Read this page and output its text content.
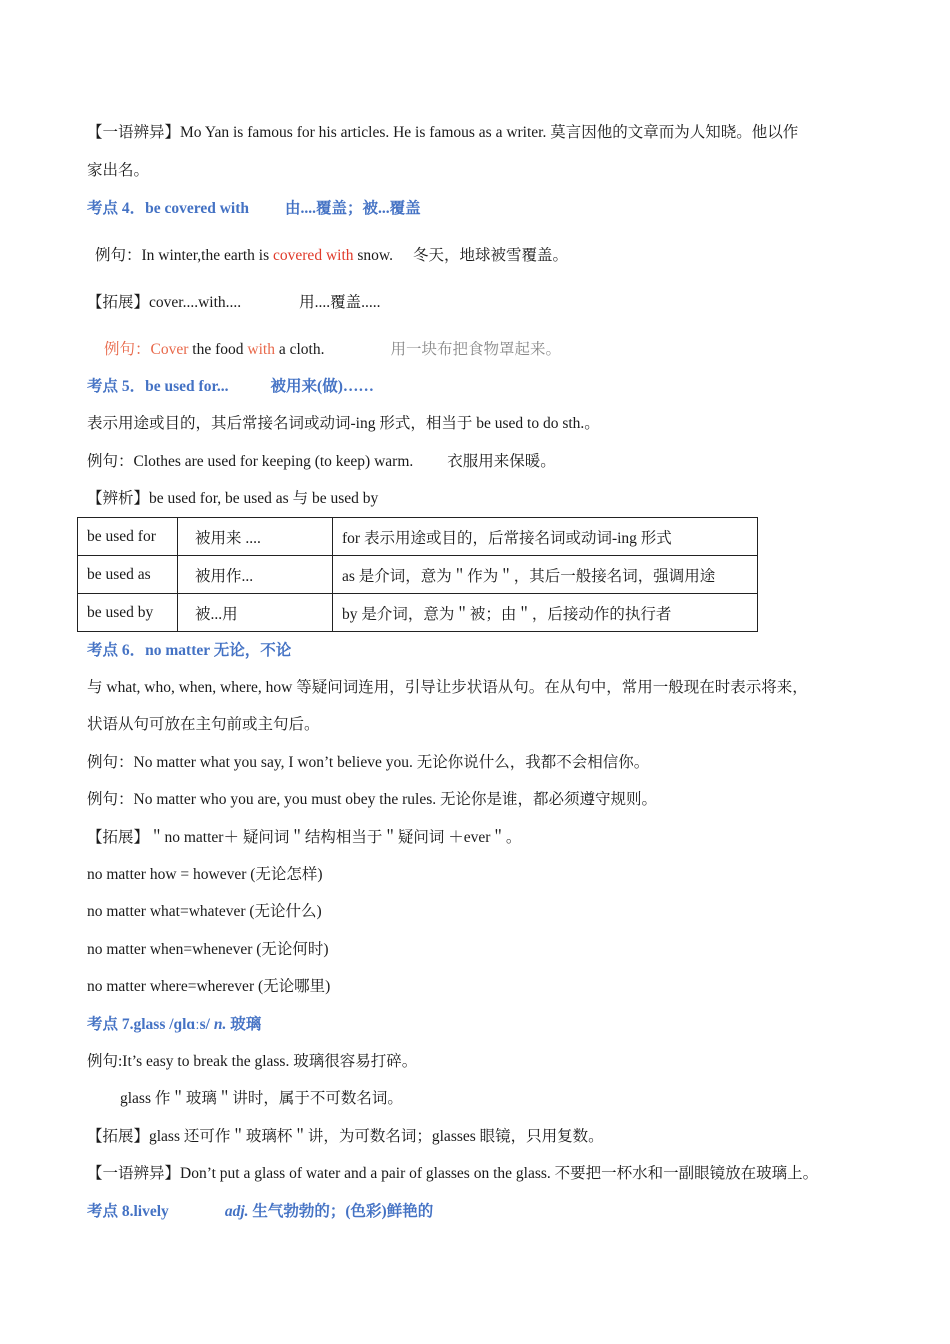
【一语辨异】Mo Yan is famous for his articles. He is famous as a writer. 莫言因他的文章而为人知晓。他以作
家出名。
考点 4．be covered with 由....覆盖；被...覆盖
例句：In winter,the earth is covered with snow. 冬天，地球被雪覆盖。
【拓展】cover....with....	用....覆盖.....
例句：Cover the food with a cloth.	用一块布把食物罩起来。
考点 5．be used for...	被用来(做)……
表示用途或目的，其后常接名词或动词-ing 形式，相当于 be used to do sth.。
例句：Clothes are used for keeping (to keep) warm. 衣服用来保暖。
【辨析】be used for, be used as 与 be used by
be used for	被用来 ....	for 表示用途或目的，后常接名词或动词-ing 形式
be used as	被用作...	as 是介词，意为＂作为＂，其后一般接名词，强调用途
be used by	被...用	by 是介词，意为＂被；由＂，后接动作的执行者
考点 6．no matter 无论，不论
与 what, who, when, where, how 等疑问词连用，引导让步状语从句。在从句中，常用一般现在时表示将来，
状语从句可放在主句前或主句后。
例句：No matter what you say, I won’t believe you. 无论你说什么，我都不会相信你。
例句：No matter who you are, you must obey the rules. 无论你是谁，都必须遵守规则。
【拓展】＂no matter＋ 疑问词＂结构相当于＂疑问词 ＋ever＂。
no matter how = however (无论怎样)
no matter what=whatever (无论什么)
no matter when=whenever (无论何时)
no matter where=wherever (无论哪里)
考点 7.glass /ɡlɑːs/ n. 玻璃
例句:It’s easy to break the glass. 玻璃很容易打碎。
glass 作＂玻璃＂讲时，属于不可数名词。
【拓展】glass 还可作＂玻璃杯＂讲，为可数名词；glasses 眼镜，只用复数。
【一语辨异】Don’t put a glass of water and a pair of glasses on the glass. 不要把一杯水和一副眼镜放在玻璃上。
考点 8.lively	adj. 生气勃勃的；(色彩)鲜艳的
